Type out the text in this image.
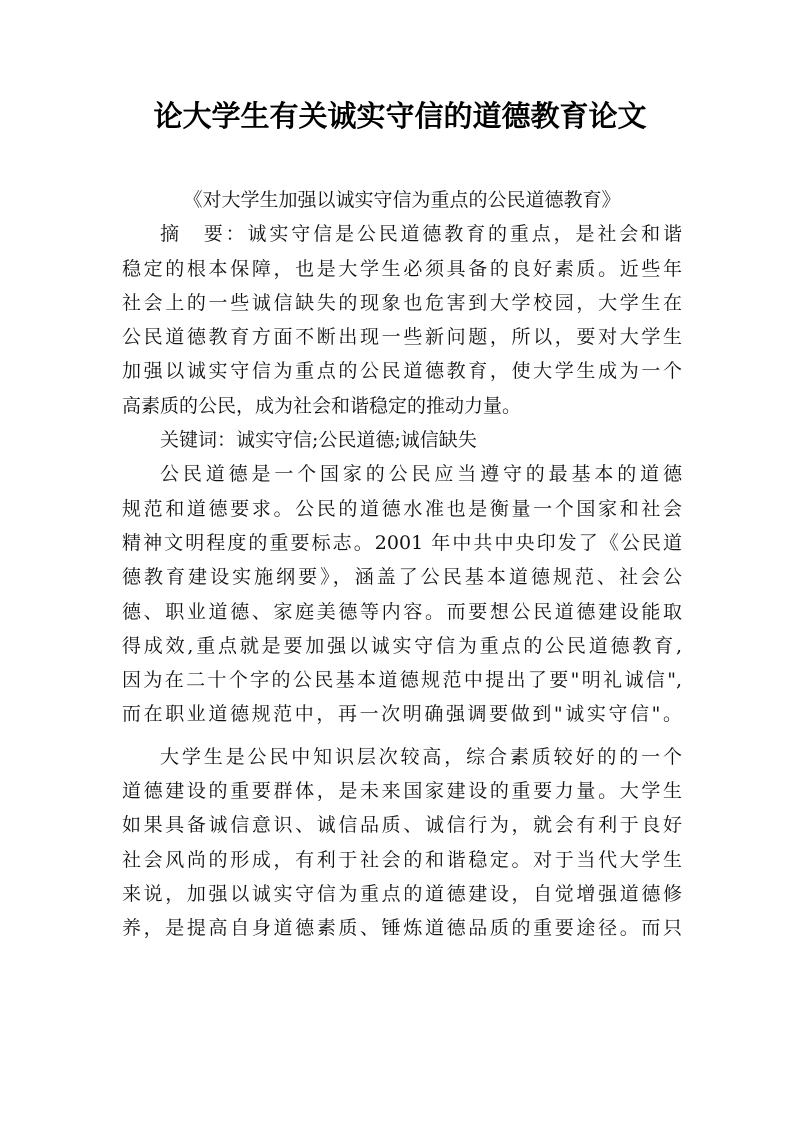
论大学生有关诚实守信的道德教育论文
《对大学生加强以诚实守信为重点的公民道德教育》
摘　要：诚实守信是公民道德教育的重点，是社会和谐
稳定的根本保障，也是大学生必须具备的良好素质。近些年
社会上的一些诚信缺失的现象也危害到大学校园，大学生在
公民道德教育方面不断出现一些新问题，所以，要对大学生
加强以诚实守信为重点的公民道德教育，使大学生成为一个
高素质的公民，成为社会和谐稳定的推动力量。
关键词：诚实守信;公民道德;诚信缺失
公民道德是一个国家的公民应当遵守的最基本的道德
规范和道德要求。公民的道德水准也是衡量一个国家和社会
精神文明程度的重要标志。2001 年中共中央印发了《公民道
德教育建设实施纲要》，涵盖了公民基本道德规范、社会公
德、职业道德、家庭美德等内容。而要想公民道德建设能取
得成效,重点就是要加强以诚实守信为重点的公民道德教育,
因为在二十个字的公民基本道德规范中提出了要"明礼诚信",
而在职业道德规范中，再一次明确强调要做到"诚实守信"。
大学生是公民中知识层次较高，综合素质较好的的一个
道德建设的重要群体，是未来国家建设的重要力量。大学生
如果具备诚信意识、诚信品质、诚信行为，就会有利于良好
社会风尚的形成，有利于社会的和谐稳定。对于当代大学生
来说，加强以诚实守信为重点的道德建设，自觉增强道德修
养，是提高自身道德素质、锤炼道德品质的重要途径。而只
